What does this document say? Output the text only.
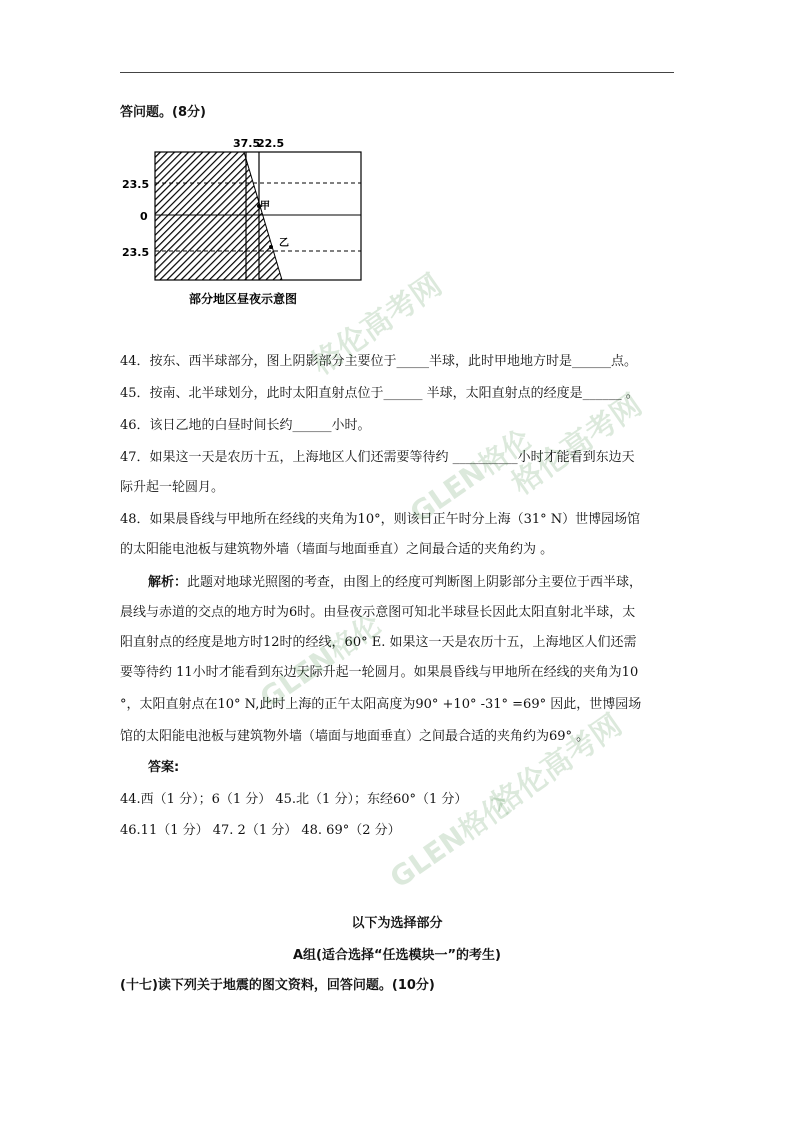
答问题。(8分)
37.5
22.5
23.5
0
23.5
甲
乙
部分地区昼夜示意图
44．按东、西半球部分，图上阴影部分主要位于_____半球，此时甲地地方时是______点。
45．按南、北半球划分，此时太阳直射点位于______ 半球，太阳直射点的经度是______ 。
46．该日乙地的白昼时间长约______小时。
47．如果这一天是农历十五，上海地区人们还需要等待约 __________小时才能看到东边天
际升起一轮圆月。
48．如果晨昏线与甲地所在经线的夹角为10°，则该日正午时分上海（31° N）世博园场馆
的太阳能电池板与建筑物外墙（墙面与地面垂直）之间最合适的夹角约为 。
解析：此题对地球光照图的考查，由图上的经度可判断图上阴影部分主要位于西半球，
晨线与赤道的交点的地方时为6时。由昼夜示意图可知北半球昼长因此太阳直射北半球，太
阳直射点的经度是地方时12时的经线，60° E. 如果这一天是农历十五，上海地区人们还需
要等待约 11小时才能看到东边天际升起一轮圆月。如果晨昏线与甲地所在经线的夹角为10
°，太阳直射点在10° N,此时上海的正午太阳高度为90° +10° -31° =69° 因此，世博园场
馆的太阳能电池板与建筑物外墙（墙面与地面垂直）之间最合适的夹角约为69° 。
答案:
44.西（1 分）；6（1 分） 45.北（1 分）；东经60°（1 分）
46.11（1 分） 47. 2（1 分） 48. 69°（2 分）
以下为选择部分
A组(适合选择“任选模块一”的考生)
(十七)读下列关于地震的图文资料，回答问题。(10分)
格伦高考网
GLEN格伦
格伦高考网
GLEN格伦
格伦高考网
GLEN格伦
